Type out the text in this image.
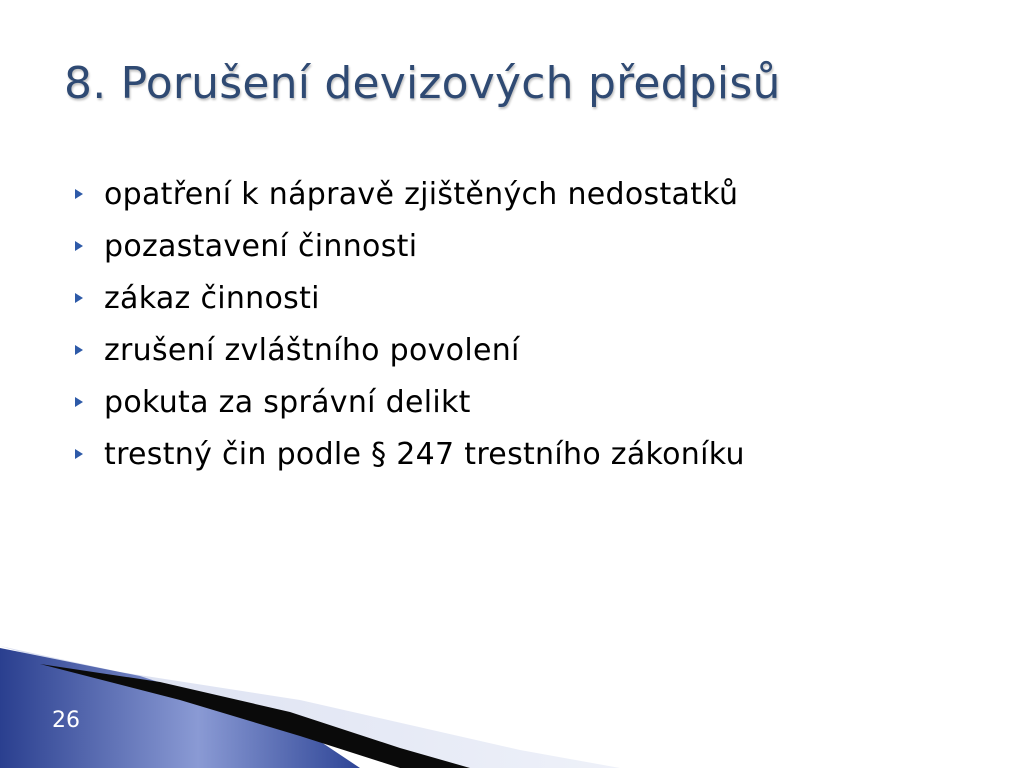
8. Porušení devizových předpisů
opatření k nápravě zjištěných nedostatků
pozastavení činnosti
zákaz činnosti
zrušení zvláštního povolení
pokuta za správní delikt
trestný čin podle § 247 trestního zákoníku
26
